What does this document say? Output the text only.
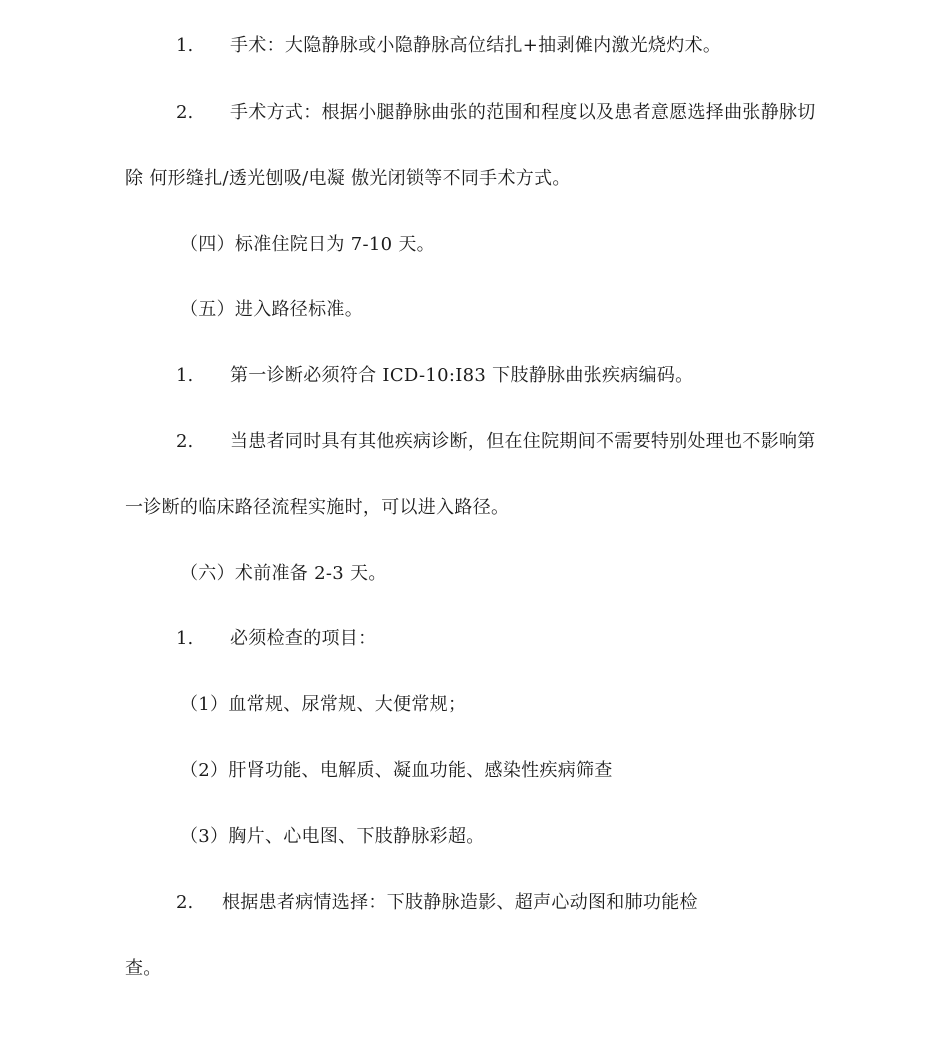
1. 手术：大隐静脉或小隐静脉高位结扎+抽剥傩内激光烧灼术。
2. 手术方式：根据小腿静脉曲张的范围和程度以及患者意愿选择曲张静脉切
除 何形缝扎/透光刨吸/电凝 傲光闭锁等不同手术方式。
（四）标准住院日为 7-10 天。
（五）进入路径标准。
1. 第一诊断必须符合 ICD-10:I83 下肢静脉曲张疾病编码。
2. 当患者同时具有其他疾病诊断，但在住院期间不需要特别处理也不影响第
一诊断的临床路径流程实施时，可以进入路径。
（六）术前准备 2-3 天。
1. 必须检查的项目：
（1）血常规、尿常规、大便常规；
（2）肝肾功能、电解质、凝血功能、感染性疾病筛查
（3）胸片、心电图、下肢静脉彩超。
2. 根据患者病情选择：下肢静脉造影、超声心动图和肺功能检
查。
